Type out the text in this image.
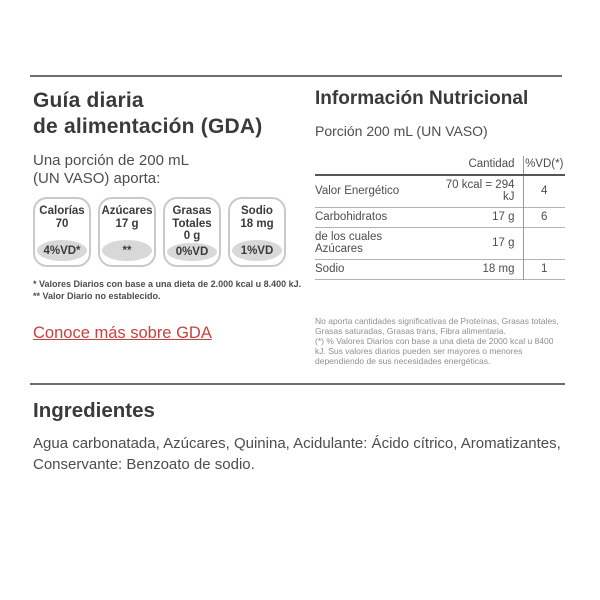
Guía diaria
de alimentación (GDA)
Una porción de 200 mL
(UN VASO) aporta:
Calorías
70
4%VD*
Azúcares
17 g
**
Grasas Totales
0 g
0%VD
Sodio
18 mg
1%VD
* Valores Diarios con base a una dieta de 2.000 kcal u 8.400 kJ.
** Valor Diario no establecido.
Conoce más sobre GDA
Información Nutricional
Porción 200 mL (UN VASO)
	Cantidad	%VD(*)
Valor Energético	70 kcal = 294 kJ	4
Carbohidratos	17 g	6
de los cuales Azúcares	17 g	
Sodio	18 mg	1

No aporta cantidades significativas de Proteínas, Grasas totales, Grasas saturadas, Grasas trans, Fibra alimentaria.

(*) % Valores Diarios con base a una dieta de 2000 kcal u 8400 kJ. Sus valores diarios pueden ser mayores o menores dependiendo de sus necesidades energéticas.

Ingredientes

Agua carbonatada, Azúcares, Quinina, Acidulante: Ácido cítrico, Aromatizantes, Conservante: Benzoato de sodio.
